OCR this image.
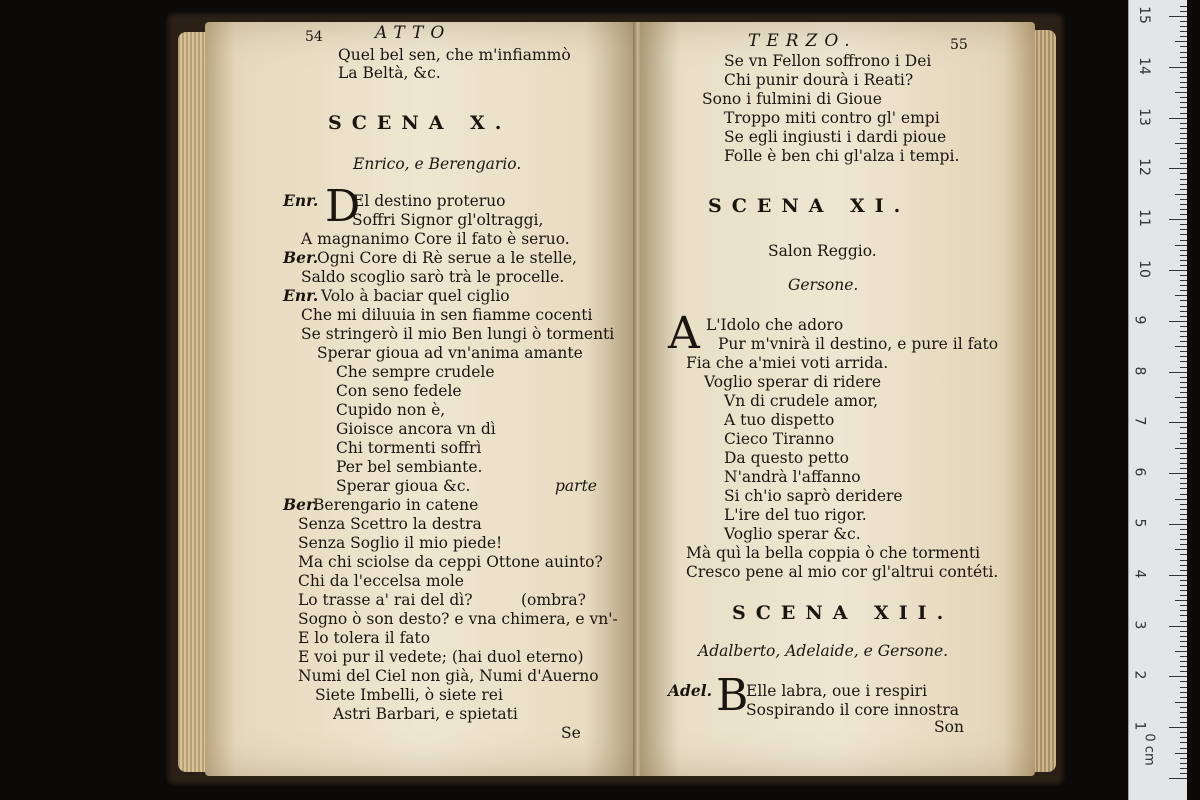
54	ATTO
Quel bel sen, che m'infiammò
La Beltà, &c.
SCENA X.
Enrico, e Berengario.
D
Enr. El destino proteruo
Soffri Signor gl'oltraggi,
A magnanimo Core il fato è seruo.
Ber.
Ogni Core di Rè serue a le stelle,
Saldo scoglio sarò trà le procelle.
Enr. Volo à baciar quel ciglio
Che mi diluuia in sen fiamme cocenti
Se stringerò il mio Ben lungi ò tormenti
Sperar gioua ad vn'anima amante
Che sempre crudele
Con seno fedele
Cupido non è,
Gioisce ancora vn dì
Chi tormenti soffrì
Per bel sembiante.
Sperar gioua &c.	parte
Ber.
Berengario in catene
Senza Scettro la destra
Senza Soglio il mio piede!
Ma chi sciolse da ceppi Ottone auinto?
Chi da l'eccelsa mole
Lo trasse a' rai del dì?	(ombra?
Sogno ò son desto? e vna chimera, e vn'-
E lo tolera il fato
E voi pur il vedete; (hai duol eterno)
Numi del Ciel non già, Numi d'Auerno
Siete Imbelli, ò siete rei
Astri Barbari, e spietati
Se
TERZO.	55
Se vn Fellon soffrono i Dei
Chi punir dourà i Reati?
Sono i fulmini di Gioue
Troppo miti contro gl' empi
Se egli ingiusti i dardi pioue
Folle è ben chi gl'alza i tempi.
SCENA XI.
Salon Reggio.
Gersone.
A L'Idolo che adoro
Pur m'vnirà il destino, e pure il fato
Fia che a'miei voti arrida.
Voglio sperar di ridere
Vn di crudele amor,
A tuo dispetto
Cieco Tiranno
Da questo petto
N'andrà l'affanno
Si ch'io saprò deridere
L'ire del tuo rigor.
Voglio sperar &c.
Mà quì la bella coppia ò che tormenti
Cresco pene al mio cor gl'altrui contéti.
SCENA XII.
Adalberto, Adelaide, e Gersone.
Adel. B
Elle labra, oue i respiri
Sospirando il core innostra
Son
0 cm
1
2
3
4
5
6
7
8
9
10
11
12
13
14
15
